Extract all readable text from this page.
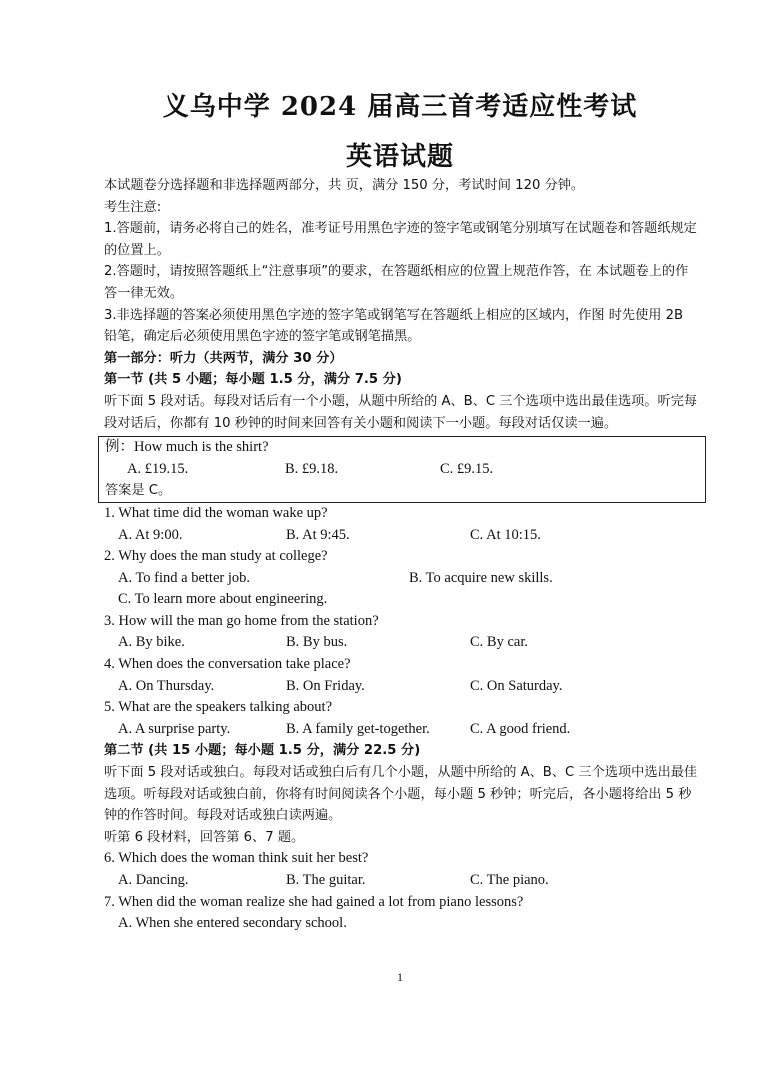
义乌中学 2024 届高三首考适应性考试
英语试题

本试题卷分选择题和非选择题两部分，共 页，满分 150 分，考试时间 120 分钟。

考生注意:

1.答题前，请务必将自己的姓名，准考证号用黑色字迹的签字笔或钢笔分别填写在试题卷和答题纸规定的位置上。

2.答题时，请按照答题纸上“注意事项”的要求，在答题纸相应的位置上规范作答，在 本试题卷上的作答一律无效。

3.非选择题的答案必须使用黑色字迹的签字笔或钢笔写在答题纸上相应的区域内，作图 时先使用 2B 铅笔，确定后必须使用黑色字迹的签字笔或钢笔描黑。

第一部分：听力（共两节，满分 30 分）

第一节 (共 5 小题；每小题 1.5 分，满分 7.5 分)

听下面 5 段对话。每段对话后有一个小题，从题中所给的 A、B、C 三个选项中选出最佳选项。听完每段对话后，你都有 10 秒钟的时间来回答有关小题和阅读下一小题。每段对话仅读一遍。

例：How much is the shirt?

A. £19.15.	B. £9.18.	C. £9.15.

答案是 C。

1. What time did the woman wake up?

A. At 9:00.	B. At 9:45.	C. At 10:15.

2. Why does the man study at college?

A. To find a better job.	B. To acquire new skills.
C. To learn more about engineering.

3. How will the man go home from the station?

A. By bike.	B. By bus.	C. By car.

4. When does the conversation take place?

A. On Thursday.	B. On Friday.	C. On Saturday.

5. What are the speakers talking about?

A. A surprise party.	B. A family get-together.	C. A good friend.

第二节 (共 15 小题；每小题 1.5 分，满分 22.5 分)

听下面 5 段对话或独白。每段对话或独白后有几个小题，从题中所给的 A、B、C 三个选项中选出最佳选项。听每段对话或独白前，你将有时间阅读各个小题，每小题 5 秒钟；听完后，各小题将给出 5 秒钟的作答时间。每段对话或独白读两遍。

听第 6 段材料，回答第 6、7 题。

6. Which does the woman think suit her best?

A. Dancing.	B. The guitar.	C. The piano.

7. When did the woman realize she had gained a lot from piano lessons?

A. When she entered secondary school.
1
